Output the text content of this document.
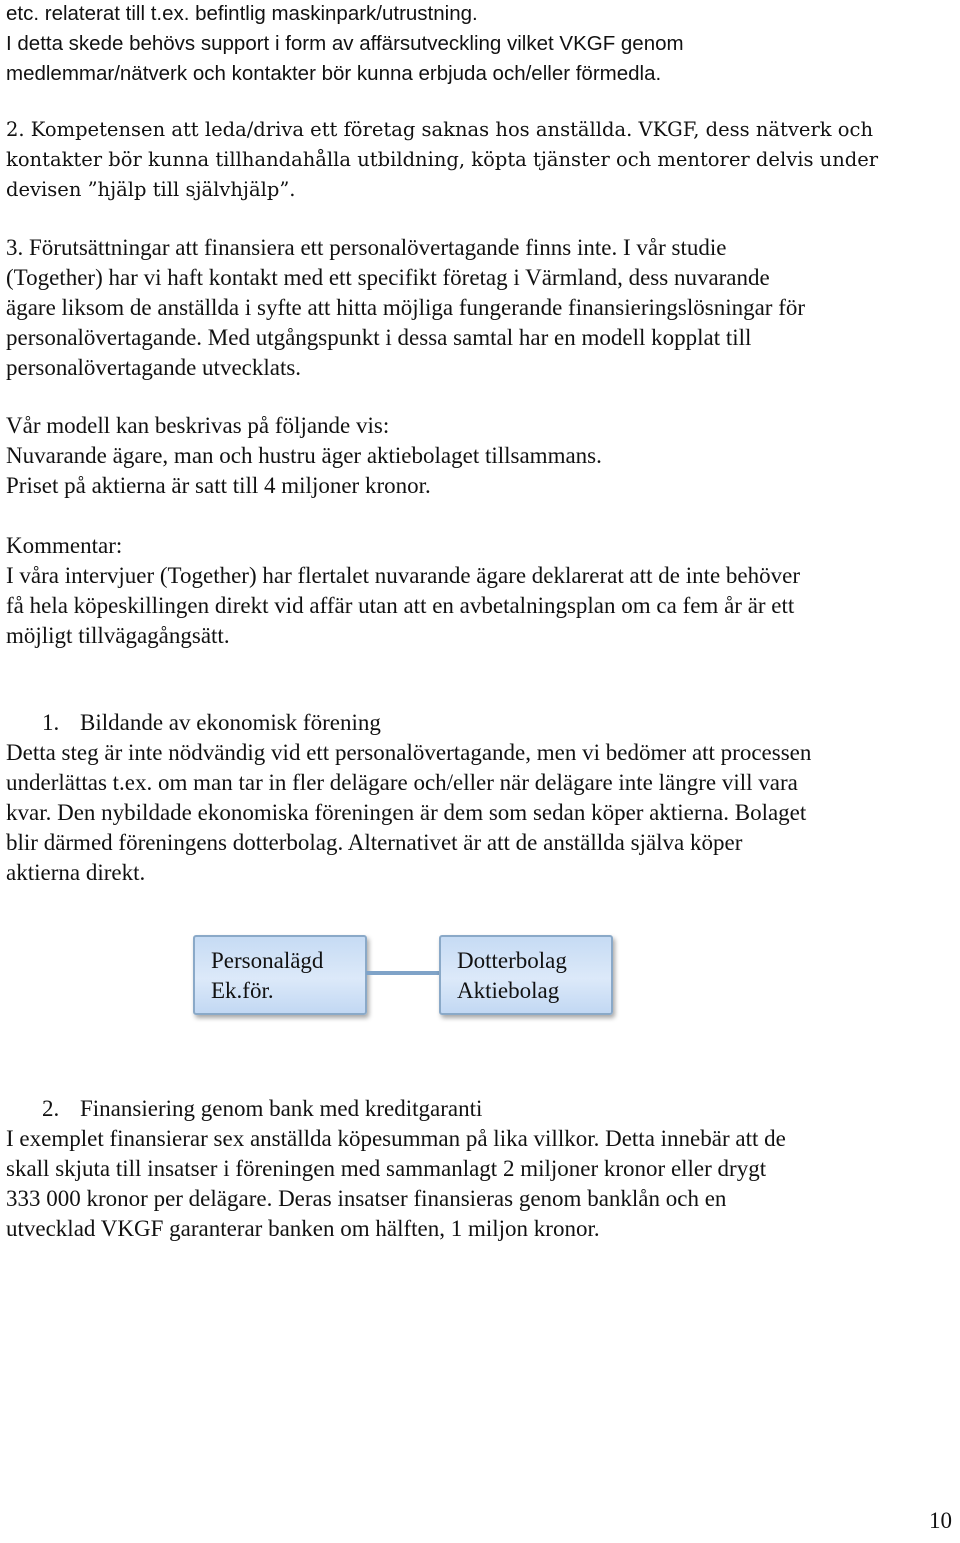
etc. relaterat till t.ex. befintlig maskinpark/utrustning.
I detta skede behövs support i form av affärsutveckling vilket VKGF genom
medlemmar/nätverk och kontakter bör kunna erbjuda och/eller förmedla.
2. Kompetensen att leda/driva ett företag saknas hos anställda. VKGF, dess nätverk och
kontakter bör kunna tillhandahålla utbildning, köpta tjänster och mentorer delvis under
devisen ”hjälp till självhjälp”.
3. Förutsättningar att finansiera ett personalövertagande finns inte. I vår studie
(Together) har vi haft kontakt med ett specifikt företag i Värmland, dess nuvarande
ägare liksom de anställda i syfte att hitta möjliga fungerande finansieringslösningar för
personalövertagande. Med utgångspunkt i dessa samtal har en modell kopplat till
personalövertagande utvecklats.
Vår modell kan beskrivas på följande vis:
Nuvarande ägare, man och hustru äger aktiebolaget tillsammans.
Priset på aktierna är satt till 4 miljoner kronor.
Kommentar:
I våra intervjuer (Together) har flertalet nuvarande ägare deklarerat att de inte behöver
få hela köpeskillingen direkt vid affär utan att en avbetalningsplan om ca fem år är ett
möjligt tillvägagångsätt.
1. Bildande av ekonomisk förening
Detta steg är inte nödvändig vid ett personalövertagande, men vi bedömer att processen
underlättas t.ex. om man tar in fler delägare och/eller när delägare inte längre vill vara
kvar. Den nybildade ekonomiska föreningen är dem som sedan köper aktierna. Bolaget
blir därmed föreningens dotterbolag. Alternativet är att de anställda själva köper
aktierna direkt.
Personalägd
Ek.för.
Dotterbolag
Aktiebolag
2. Finansiering genom bank med kreditgaranti
I exemplet finansierar sex anställda köpesumman på lika villkor. Detta innebär att de
skall skjuta till insatser i föreningen med sammanlagt 2 miljoner kronor eller drygt
333 000 kronor per delägare. Deras insatser finansieras genom banklån och en
utvecklad VKGF garanterar banken om hälften, 1 miljon kronor.
10
